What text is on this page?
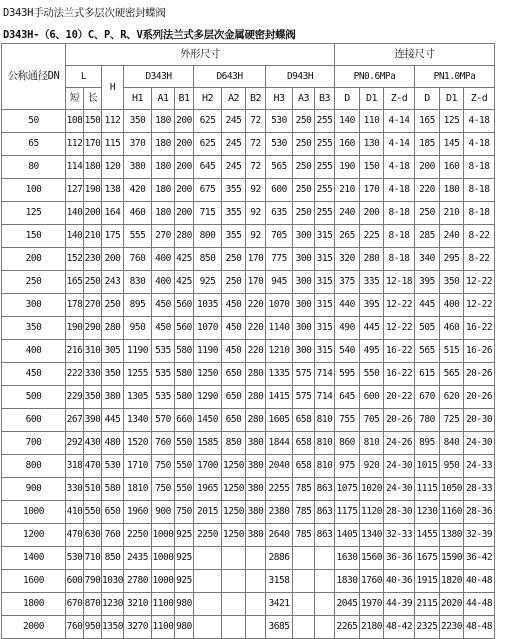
D343H手动法兰式多层次硬密封蝶阀
D343H-（6、10）C、P、R、V系列法兰式多层次金属硬密封蝶阀
公称通径DN	外形尺寸												连接尺寸					
	L		H	D343H			D643H			D943H			PN0.6MPa			PN1.0MPa		
	短	长		H1	A1	B1	H2	A2	B2	H3	A3	B3	D	D1	Z-d	D	D1	Z-d
50	108	150	112	350	180	200	625	245	72	530	250	255	140	110	4-14	165	125	4-18
65	112	170	115	370	180	200	625	245	72	530	250	255	160	130	4-14	185	145	4-18
80	114	180	120	380	180	200	645	245	72	565	250	255	190	150	4-18	200	160	8-18
100	127	190	138	420	180	200	675	355	92	600	250	255	210	170	4-18	220	180	8-18
125	140	200	164	460	180	200	715	355	92	635	250	255	240	200	8-18	250	210	8-18
150	140	210	175	555	270	280	800	355	92	705	300	315	265	225	8-18	285	240	8-22
200	152	230	200	760	400	425	850	250	170	775	300	315	320	280	8-18	340	295	8-22
250	165	250	243	830	400	425	925	250	170	945	300	315	375	335	12-18	395	350	12-22
300	178	270	250	895	450	560	1035	450	220	1070	300	315	440	395	12-22	445	400	12-22
350	190	290	280	950	450	560	1070	450	220	1140	300	315	490	445	12-22	505	460	16-22
400	216	310	305	1190	535	580	1190	450	220	1210	300	315	540	495	16-22	565	515	16-26
450	222	330	350	1255	535	580	1250	650	280	1335	575	714	595	550	16-22	615	565	20-26
500	229	350	380	1305	535	580	1290	650	280	1415	575	714	645	600	20-22	670	620	20-26
600	267	390	445	1340	570	660	1450	650	280	1605	658	810	755	705	20-26	780	725	20-30
700	292	430	480	1520	760	550	1585	850	380	1844	658	810	860	810	24-26	895	840	24-30
800	318	470	530	1710	750	550	1700	1250	380	2040	658	810	975	920	24-30	1015	950	24-33
900	330	510	580	1810	750	550	1965	1250	380	2255	785	863	1075	1020	24-30	1115	1050	28-33
1000	410	550	650	1960	900	750	2015	1250	380	2380	785	863	1175	1120	28-30	1230	1160	28-36
1200	470	630	760	2250	1000	925	2250	1250	380	2640	785	863	1405	1340	32-33	1455	1380	32-39
1400	530	710	850	2435	1000	925				2886			1630	1560	36-36	1675	1590	36-42
1600	600	790	1030	2780	1000	925				3158			1830	1760	40-36	1915	1820	40-48
1800	670	870	1230	3210	1100	980				3421			2045	1970	44-39	2115	2020	44-48
2000	760	950	1350	3270	1100	980				3685			2265	2180	48-42	2325	2230	48-48
